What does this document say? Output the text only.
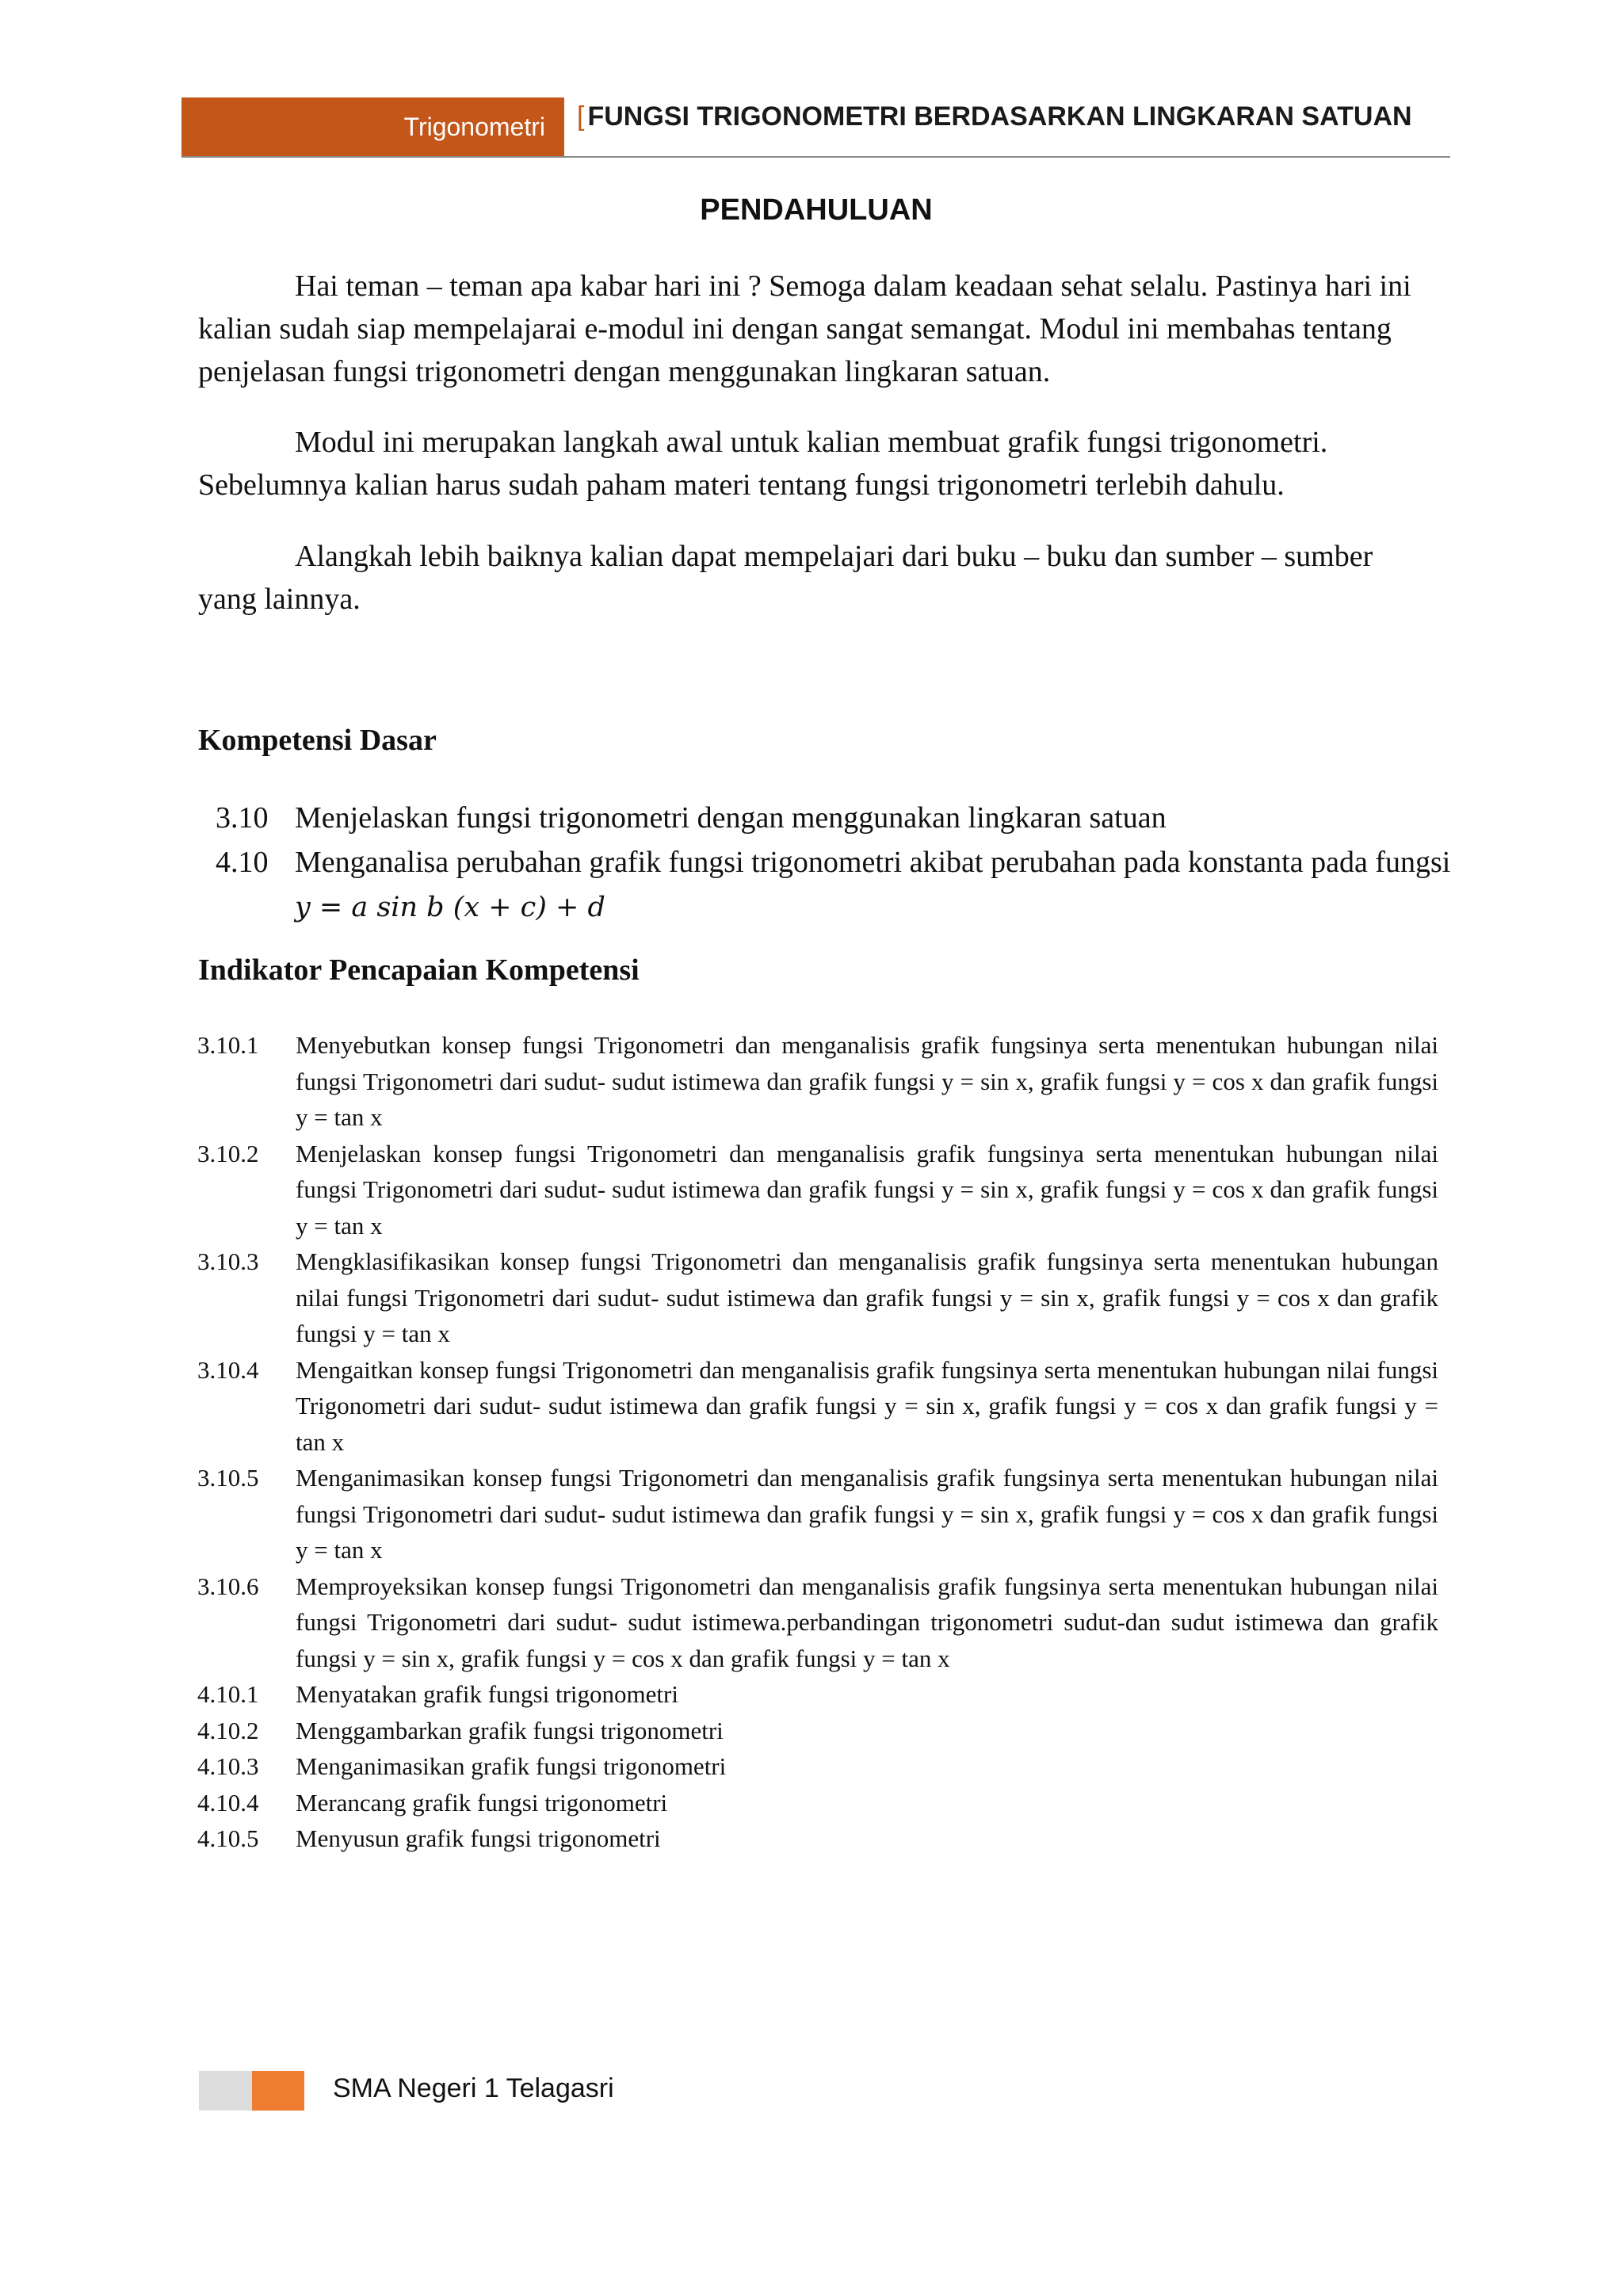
Trigonometri [ FUNGSI TRIGONOMETRI BERDASARKAN LINGKARAN SATUAN
PENDAHULUAN

Hai teman – teman apa kabar hari ini ? Semoga dalam keadaan sehat selalu. Pastinya hari ini kalian sudah siap mempelajarai e-modul ini dengan sangat semangat. Modul ini membahas tentang penjelasan fungsi trigonometri dengan menggunakan lingkaran satuan.

Modul ini merupakan langkah awal untuk kalian membuat grafik fungsi trigonometri. Sebelumnya kalian harus sudah paham materi tentang fungsi trigonometri terlebih dahulu.

Alangkah lebih baiknya kalian dapat mempelajari dari buku – buku dan sumber – sumber yang lainnya.

Kompetensi Dasar
3.10 Menjelaskan fungsi trigonometri dengan menggunakan lingkaran satuan
4.10 Menganalisa perubahan grafik fungsi trigonometri akibat perubahan pada konstanta pada fungsi y = a sin b (x + c) + d
Indikator Pencapaian Kompetensi
3.10.1	Menyebutkan konsep fungsi Trigonometri dan menganalisis grafik fungsinya serta menentukan hubungan nilai fungsi Trigonometri dari sudut- sudut istimewa dan grafik fungsi y = sin x, grafik fungsi y = cos x dan grafik fungsi y = tan x
3.10.2	Menjelaskan konsep fungsi Trigonometri dan menganalisis grafik fungsinya serta menentukan hubungan nilai fungsi Trigonometri dari sudut- sudut istimewa dan grafik fungsi y = sin x, grafik fungsi y = cos x dan grafik fungsi y = tan x
3.10.3	Mengklasifikasikan konsep fungsi Trigonometri dan menganalisis grafik fungsinya serta menentukan hubungan nilai fungsi Trigonometri dari sudut- sudut istimewa dan grafik fungsi y = sin x, grafik fungsi y = cos x dan grafik fungsi y = tan x
3.10.4	Mengaitkan konsep fungsi Trigonometri dan menganalisis grafik fungsinya serta menentukan hubungan nilai fungsi Trigonometri dari sudut- sudut istimewa dan grafik fungsi y = sin x, grafik fungsi y = cos x dan grafik fungsi y = tan x
3.10.5	Menganimasikan konsep fungsi Trigonometri dan menganalisis grafik fungsinya serta menentukan hubungan nilai fungsi Trigonometri dari sudut- sudut istimewa dan grafik fungsi y = sin x, grafik fungsi y = cos x dan grafik fungsi y = tan x
3.10.6	Memproyeksikan konsep fungsi Trigonometri dan menganalisis grafik fungsinya serta menentukan hubungan nilai fungsi Trigonometri dari sudut- sudut istimewa.perbandingan trigonometri sudut-dan sudut istimewa dan grafik fungsi y = sin x, grafik fungsi y = cos x dan grafik fungsi y = tan x
4.10.1	Menyatakan grafik fungsi trigonometri
4.10.2	Menggambarkan grafik fungsi trigonometri
4.10.3	Menganimasikan grafik fungsi trigonometri
4.10.4	Merancang grafik fungsi trigonometri
4.10.5	Menyusun grafik fungsi trigonometri
SMA Negeri 1 Telagasri
